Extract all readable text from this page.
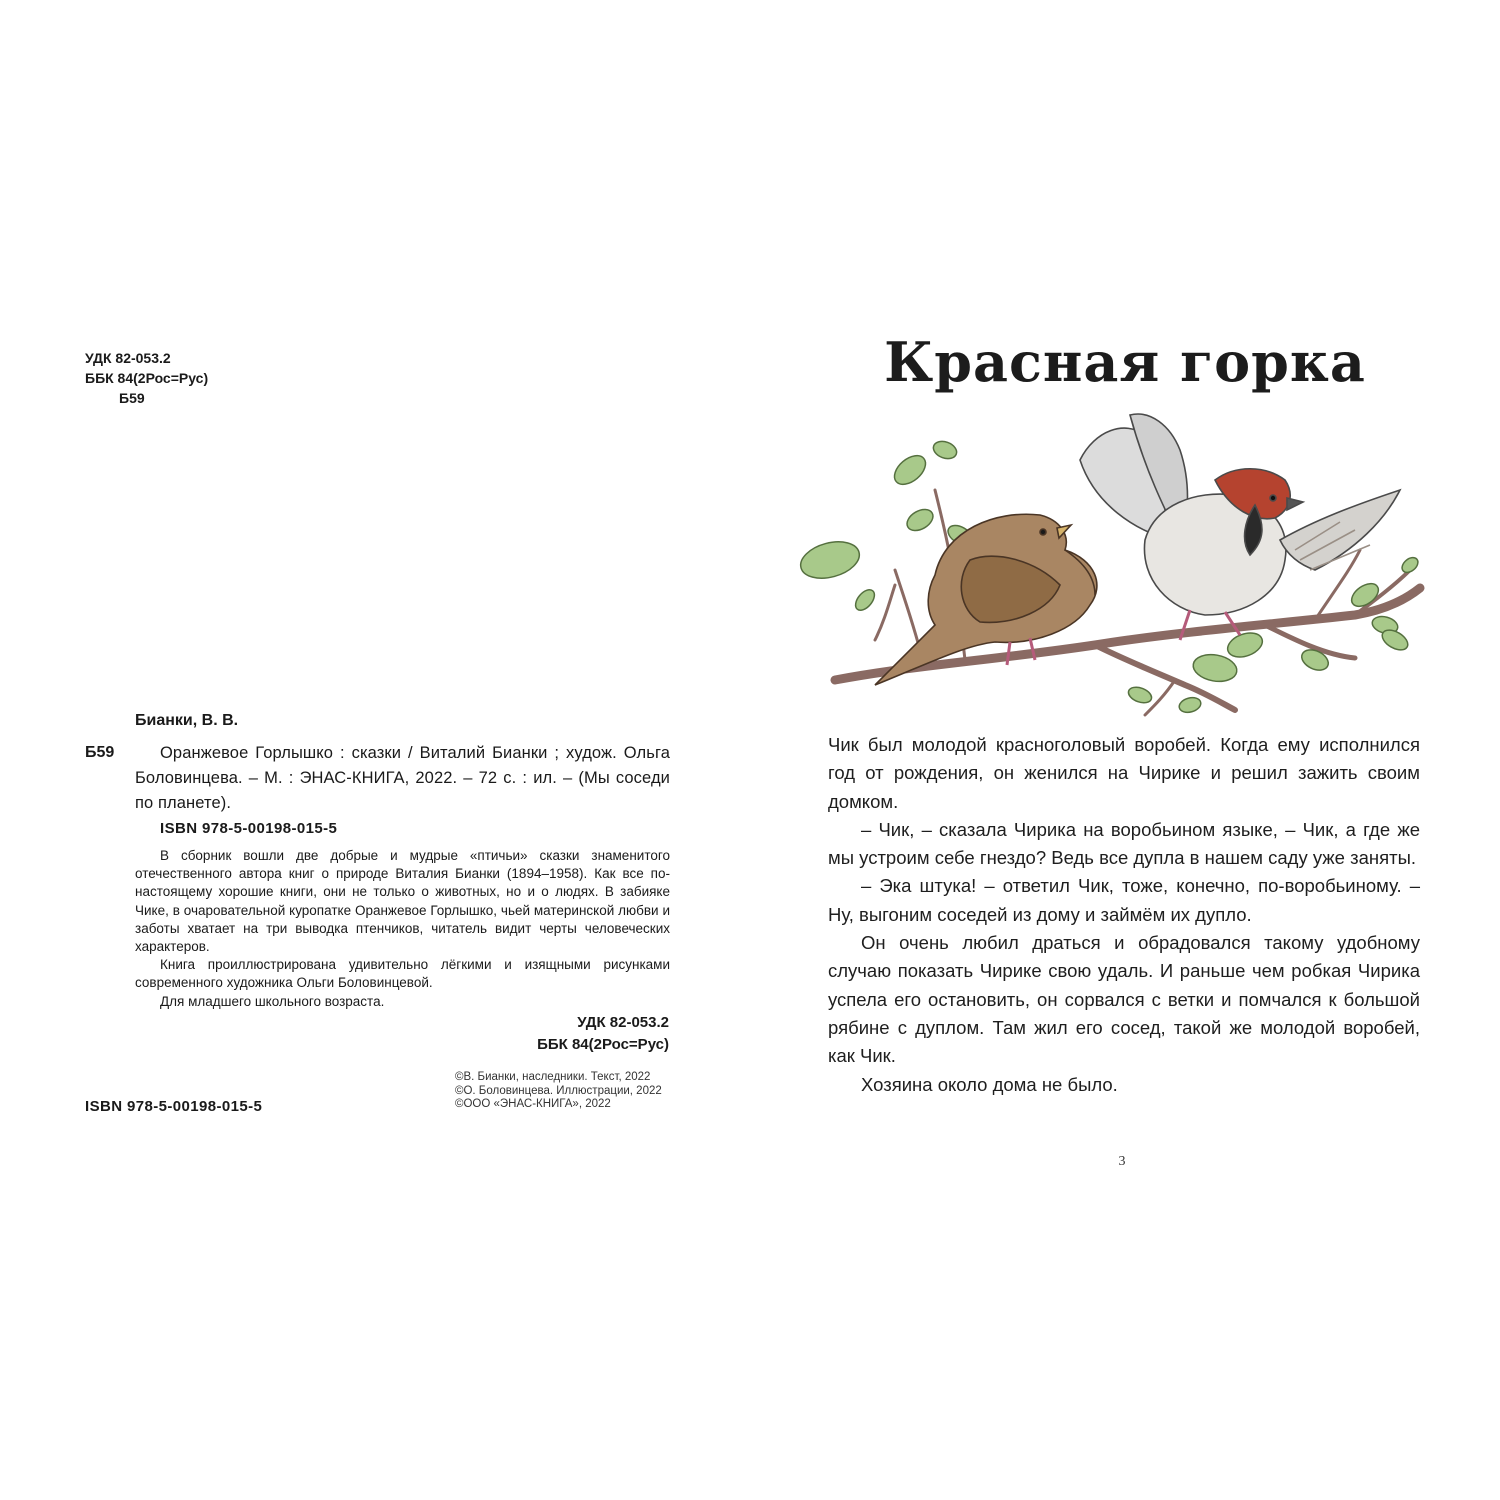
УДК 82-053.2
ББК 84(2Рос=Рус)
Б59
Бианки, В. В.
Б59	Оранжевое Горлышко : сказки / Виталий Бианки ; худож. Ольга Боловинцева. – М. : ЭНАС-КНИГА, 2022. – 72 с. : ил. – (Мы соседи по планете).
ISBN 978-5-00198-015-5

В сборник вошли две добрые и мудрые «птичьи» сказки знаменитого отечественного автора книг о природе Виталия Бианки (1894–1958). Как все по-настоящему хорошие книги, они не только о животных, но и о людях. В забияке Чике, в очаровательной куропатке Оранжевое Горлышко, чьей материнской любви и заботы хватает на три выводка птенчиков, читатель видит черты человеческих характеров.

Книга проиллюстрирована удивительно лёгкими и изящными рисунками современного художника Ольги Боловинцевой.

Для младшего школьного возраста.

УДК 82-053.2
ББК 84(2Рос=Рус)
©В. Бианки, наследники. Текст, 2022
©О. Боловинцева. Иллюстрации, 2022
©ООО «ЭНАС-КНИГА», 2022
ISBN 978-5-00198-015-5
Красная горка

Чик был молодой красноголовый воробей. Когда ему исполнился год от рождения, он женился на Чирике и решил зажить своим домком.

– Чик, – сказала Чирика на воробьином языке, – Чик, а где же мы устроим себе гнездо? Ведь все дупла в нашем саду уже заняты.

– Эка штука! – ответил Чик, тоже, конечно, по-воробьиному. – Ну, выгоним соседей из дому и займём их дупло.

Он очень любил драться и обрадовался такому удобному случаю показать Чирике свою удаль. И раньше чем робкая Чирика успела его остановить, он сорвался с ветки и помчался к большой рябине с дуплом. Там жил его сосед, такой же молодой воробей, как Чик.

Хозяина около дома не было.

3
